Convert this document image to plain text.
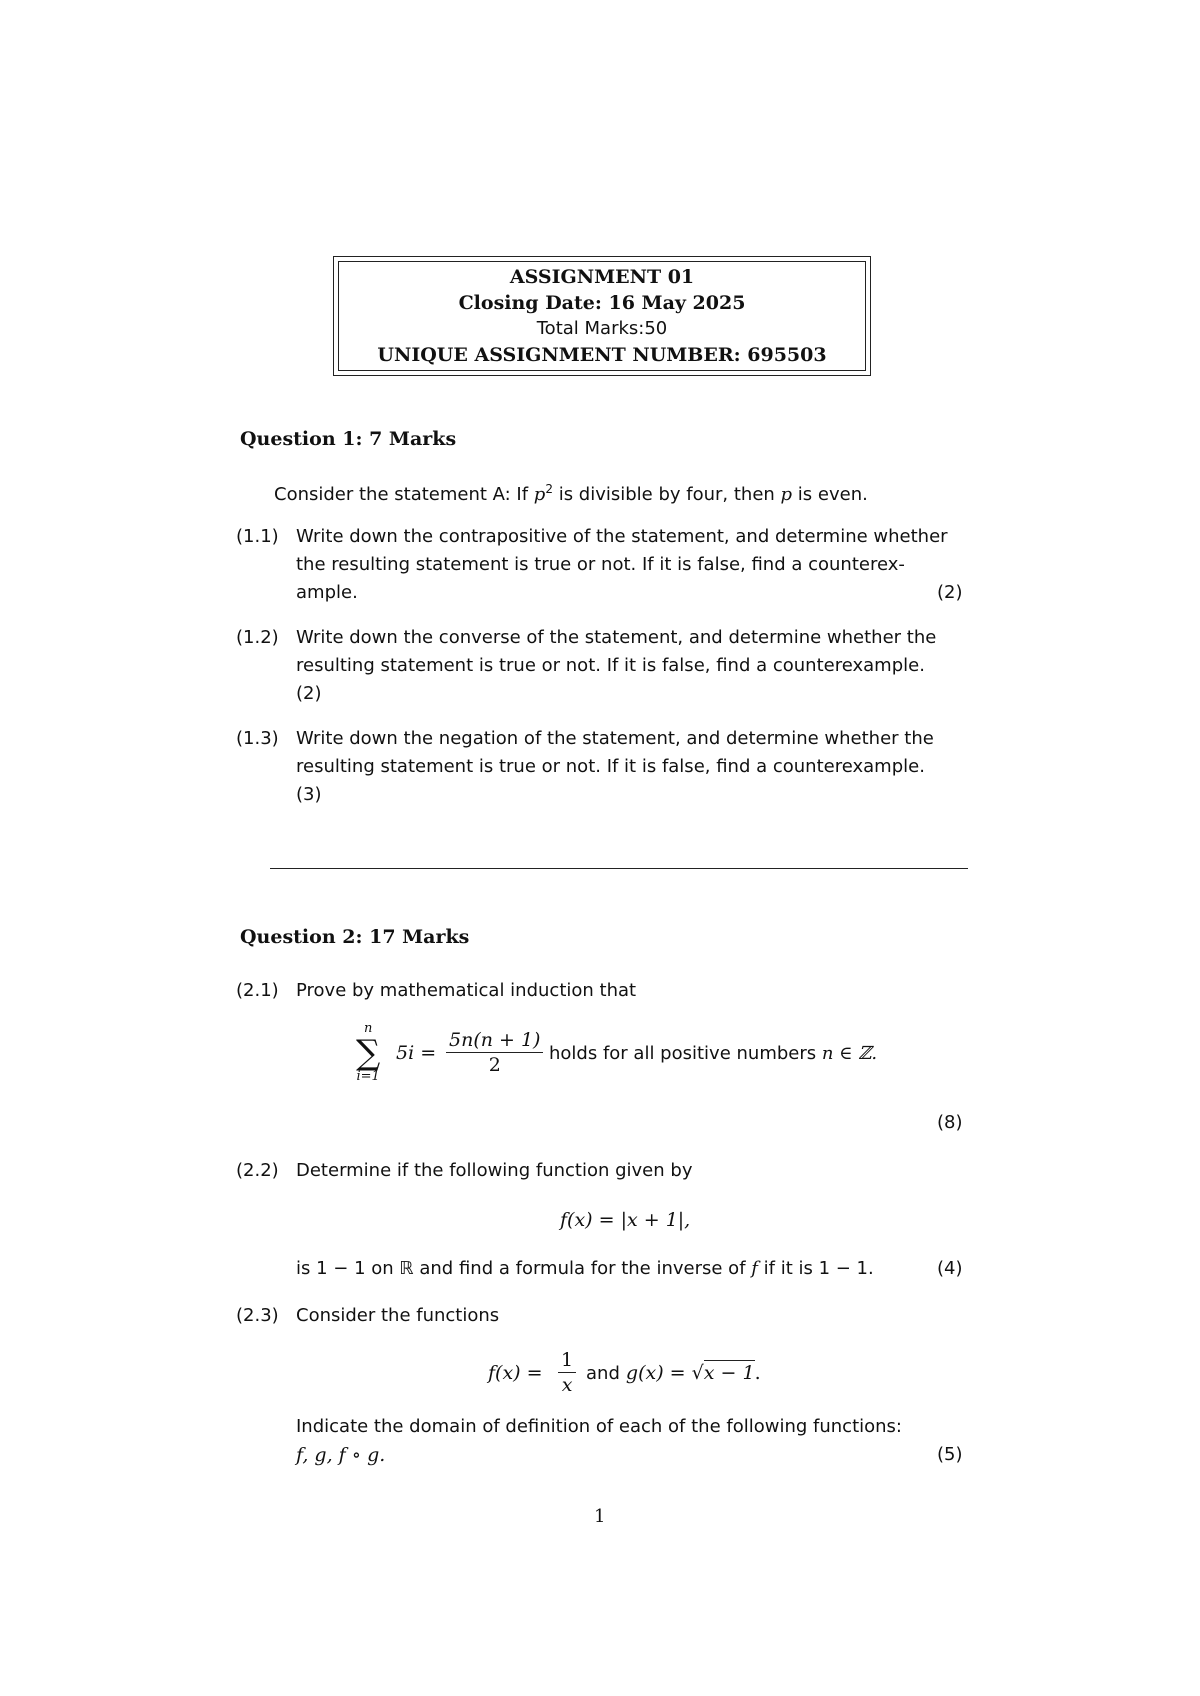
ASSIGNMENT 01
Closing Date: 16 May 2025
Total Marks:50
UNIQUE ASSIGNMENT NUMBER: 695503
Question 1: 7 Marks
Consider the statement A: If $p^2$ is divisible by four, then p is even.
(1.1) Write down the contrapositive of the statement, and determine whether
the resulting statement is true or not. If it is false, find a counterex-
ample.	(2)
(1.2) Write down the converse of the statement, and determine whether the
resulting statement is true or not. If it is false, find a counterexample.
(2)
(1.3) Write down the negation of the statement, and determine whether the
resulting statement is true or not. If it is false, find a counterexample.
(3)
Question 2: 17 Marks
(2.1) Prove by mathematical induction that
n
∑
i=1
$5i = \frac{5n(n + 1)}{2}$ holds for all positive numbers n ∈ ℤ.
(8)
(2.2) Determine if the following function given by
f(x) = |x + 1|,
is 1 − 1 on ℝ and find a formula for the inverse of f if it is 1 − 1.	(4)
(2.3) Consider the functions
$f(x) = \frac{1}{x}$ and g(x) = √x − 1.
Indicate the domain of definition of each of the following functions:
f, g, f ∘ g.	(5)
1
